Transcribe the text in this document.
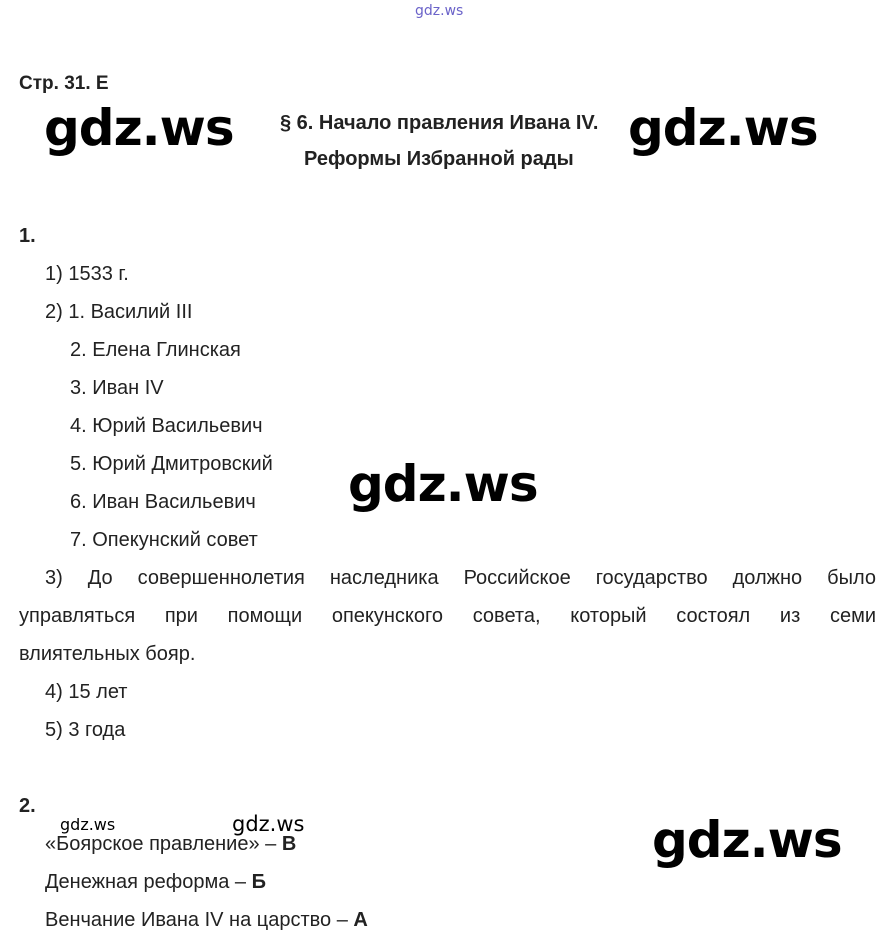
gdz.ws
Стр. 31. E
§ 6. Начало правления Ивана IV.
Реформы Избранной рады
gdz.ws	gdz.ws
1.
1) 1533 г.
2) 1. Василий III
2. Елена Глинская
3. Иван IV
4. Юрий Васильевич
5. Юрий Дмитровский
6. Иван Васильевич
7. Опекунский совет
3) До совершеннолетия наследника Российское государство должно было
управляться при помощи опекунского совета, который состоял из семи
влиятельных бояр.
4) 15 лет
5) 3 года
gdz.ws
2.
gdz.ws	gdz.ws
«Боярское правление» – В
Денежная реформа – Б
Венчание Ивана IV на царство – А
gdz.ws
